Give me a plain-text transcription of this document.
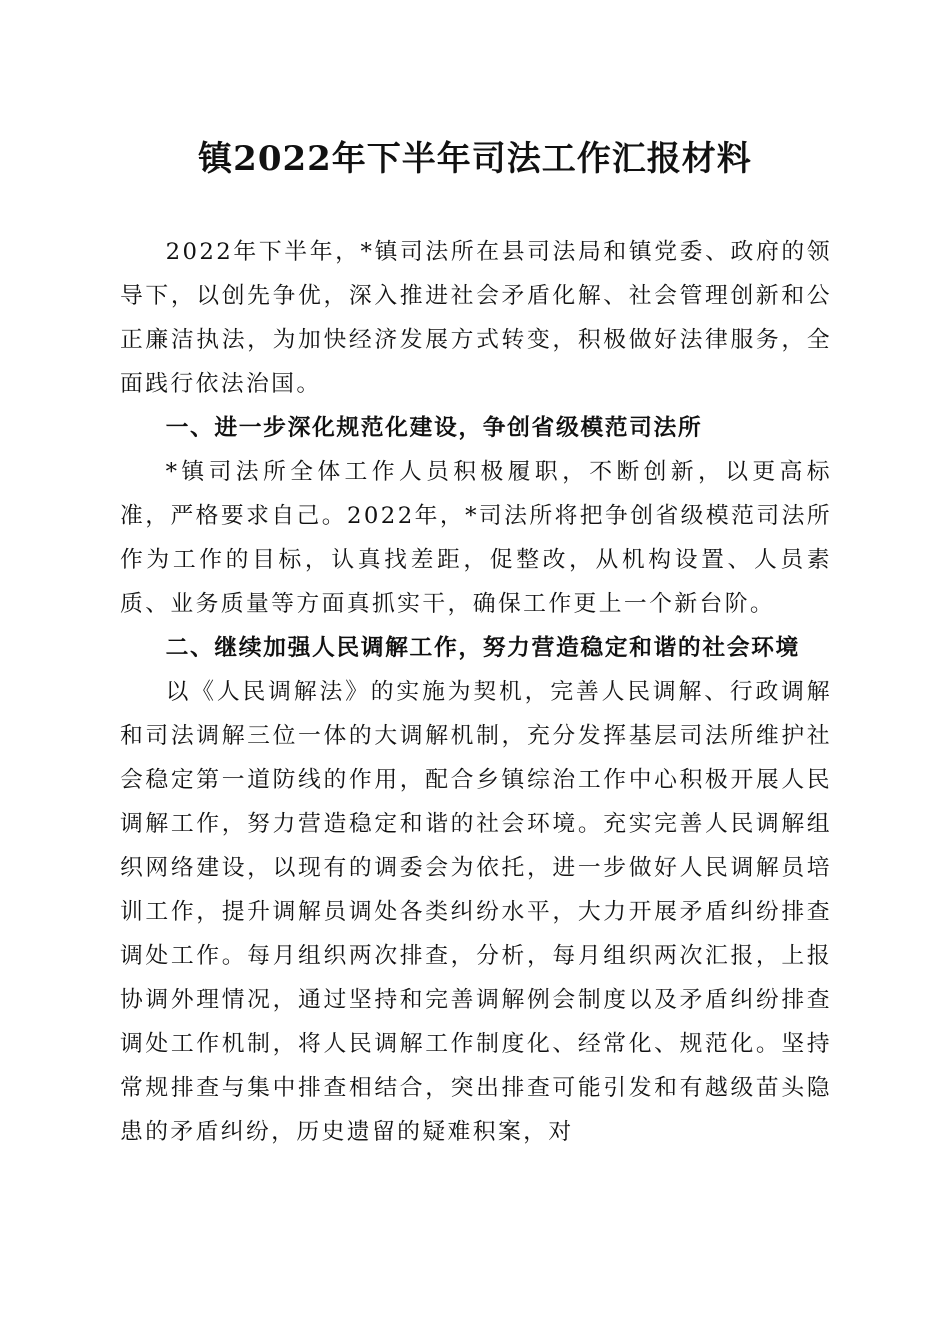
镇2022年下半年司法工作汇报材料

2022年下半年，*镇司法所在县司法局和镇党委、政府的领导下，以创先争优，深入推进社会矛盾化解、社会管理创新和公正廉洁执法，为加快经济发展方式转变，积极做好法律服务，全面践行依法治国。

一、进一步深化规范化建设，争创省级模范司法所

*镇司法所全体工作人员积极履职，不断创新，以更高标准，严格要求自己。2022年，*司法所将把争创省级模范司法所作为工作的目标，认真找差距，促整改，从机构设置、人员素质、业务质量等方面真抓实干，确保工作更上一个新台阶。

二、继续加强人民调解工作，努力营造稳定和谐的社会环境

以《人民调解法》的实施为契机，完善人民调解、行政调解和司法调解三位一体的大调解机制，充分发挥基层司法所维护社会稳定第一道防线的作用，配合乡镇综治工作中心积极开展人民调解工作，努力营造稳定和谐的社会环境。充实完善人民调解组织网络建设，以现有的调委会为依托，进一步做好人民调解员培训工作，提升调解员调处各类纠纷水平，大力开展矛盾纠纷排查调处工作。每月组织两次排查，分析，每月组织两次汇报，上报协调外理情况，通过坚持和完善调解例会制度以及矛盾纠纷排查调处工作机制，将人民调解工作制度化、经常化、规范化。坚持常规排查与集中排查相结合，突出排查可能引发和有越级苗头隐患的矛盾纠纷，历史遗留的疑难积案，对
